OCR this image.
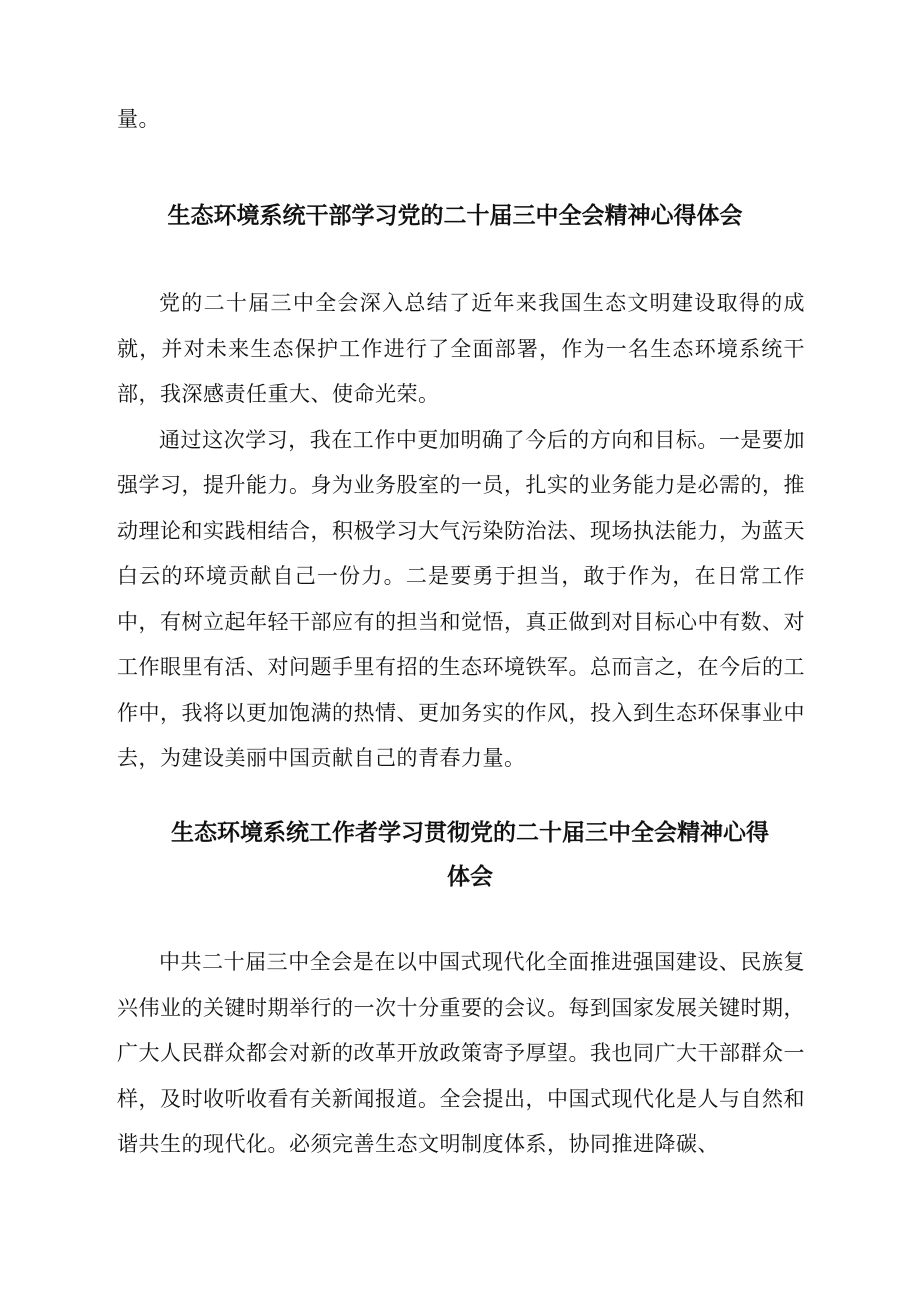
量。

生态环境系统干部学习党的二十届三中全会精神心得体会

党的二十届三中全会深入总结了近年来我国生态文明建设取得的成就，并对未来生态保护工作进行了全面部署，作为一名生态环境系统干部，我深感责任重大、使命光荣。

通过这次学习，我在工作中更加明确了今后的方向和目标。一是要加强学习，提升能力。身为业务股室的一员，扎实的业务能力是必需的，推动理论和实践相结合，积极学习大气污染防治法、现场执法能力，为蓝天白云的环境贡献自己一份力。二是要勇于担当，敢于作为，在日常工作中，有树立起年轻干部应有的担当和觉悟，真正做到对目标心中有数、对工作眼里有活、对问题手里有招的生态环境铁军。总而言之，在今后的工作中，我将以更加饱满的热情、更加务实的作风，投入到生态环保事业中去，为建设美丽中国贡献自己的青春力量。

生态环境系统工作者学习贯彻党的二十届三中全会精神心得体会

中共二十届三中全会是在以中国式现代化全面推进强国建设、民族复兴伟业的关键时期举行的一次十分重要的会议。每到国家发展关键时期，广大人民群众都会对新的改革开放政策寄予厚望。我也同广大干部群众一样，及时收听收看有关新闻报道。全会提出，中国式现代化是人与自然和谐共生的现代化。必须完善生态文明制度体系，协同推进降碳、
